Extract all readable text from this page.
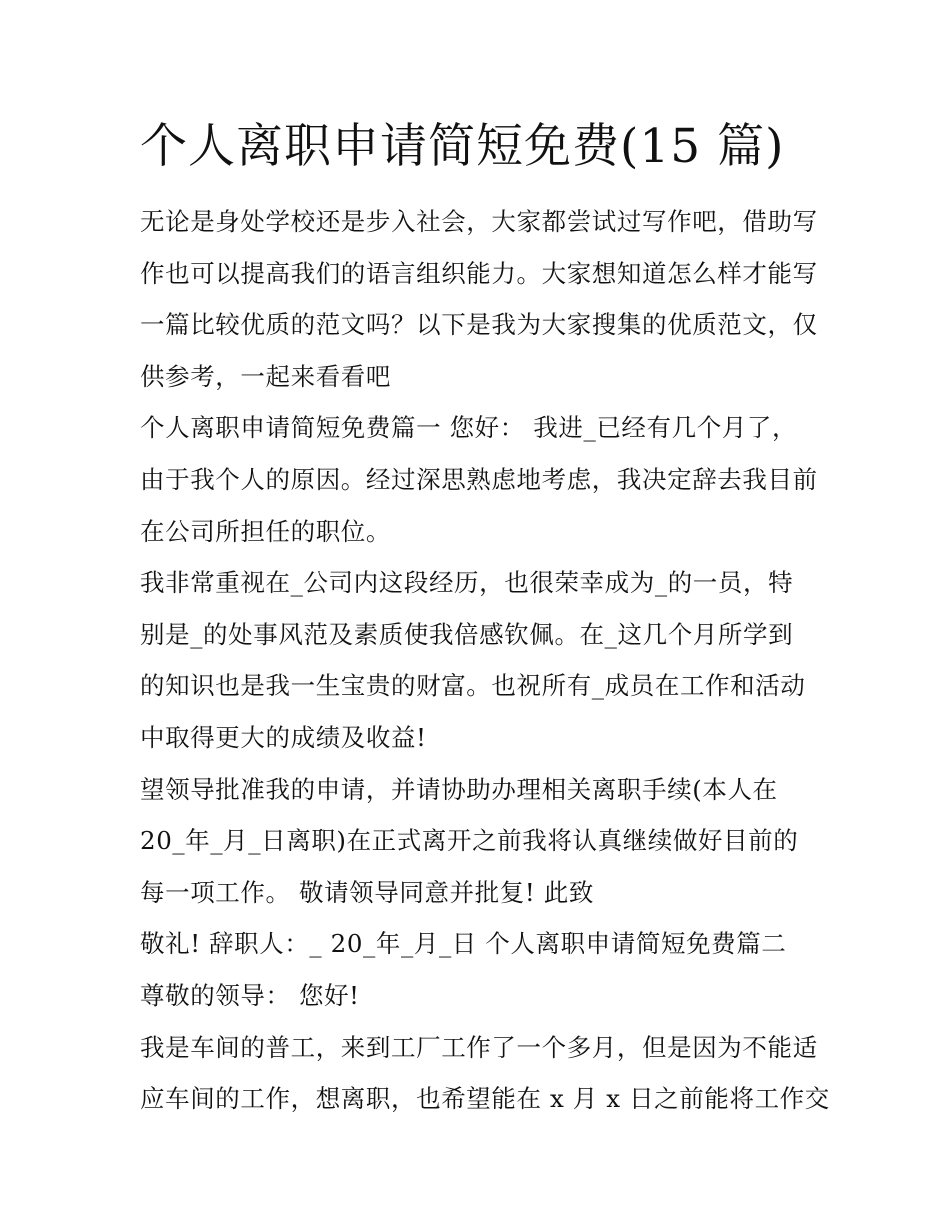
个人离职申请简短免费(15 篇)
无论是身处学校还是步入社会，大家都尝试过写作吧，借助写
作也可以提高我们的语言组织能力。大家想知道怎么样才能写
一篇比较优质的范文吗？以下是我为大家搜集的优质范文，仅
供参考，一起来看看吧
个人离职申请简短免费篇一 您好： 我进_已经有几个月了，
由于我个人的原因。经过深思熟虑地考虑，我决定辞去我目前
在公司所担任的职位。
我非常重视在_公司内这段经历，也很荣幸成为_的一员，特
别是_的处事风范及素质使我倍感钦佩。在_这几个月所学到
的知识也是我一生宝贵的财富。也祝所有_成员在工作和活动
中取得更大的成绩及收益!
望领导批准我的申请，并请协助办理相关离职手续(本人在
20_年_月_日离职)在正式离开之前我将认真继续做好目前的
每一项工作。 敬请领导同意并批复! 此致
敬礼! 辞职人：_ 20_年_月_日 个人离职申请简短免费篇二
尊敬的领导： 您好!
我是车间的普工，来到工厂工作了一个多月，但是因为不能适
应车间的工作，想离职，也希望能在 x 月 x 日之前能将工作交
